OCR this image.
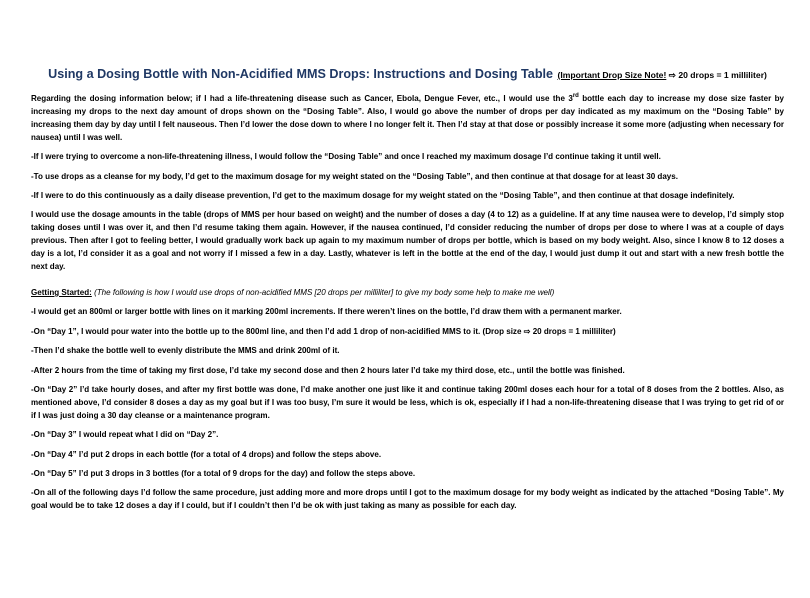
Using a Dosing Bottle with Non-Acidified MMS Drops: Instructions and Dosing Table (Important Drop Size Note! ⇨ 20 drops = 1 milliliter)

Regarding the dosing information below; if I had a life-threatening disease such as Cancer, Ebola, Dengue Fever, etc., I would use the 3rd bottle each day to increase my dose size faster by increasing my drops to the next day amount of drops shown on the “Dosing Table”. Also, I would go above the number of drops per day indicated as my maximum on the “Dosing Table” by increasing them day by day until I felt nauseous. Then I’d lower the dose down to where I no longer felt it. Then I’d stay at that dose or possibly increase it some more (adjusting when necessary for nausea) until I was well.

-If I were trying to overcome a non-life-threatening illness, I would follow the “Dosing Table” and once I reached my maximum dosage I’d continue taking it until well.

-To use drops as a cleanse for my body, I’d get to the maximum dosage for my weight stated on the “Dosing Table”, and then continue at that dosage for at least 30 days.

-If I were to do this continuously as a daily disease prevention, I’d get to the maximum dosage for my weight stated on the “Dosing Table”, and then continue at that dosage indefinitely.

I would use the dosage amounts in the table (drops of MMS per hour based on weight) and the number of doses a day (4 to 12) as a guideline. If at any time nausea were to develop, I’d simply stop taking doses until I was over it, and then I’d resume taking them again. However, if the nausea continued, I’d consider reducing the number of drops per dose to where I was at a couple of days previous. Then after I got to feeling better, I would gradually work back up again to my maximum number of drops per bottle, which is based on my body weight. Also, since I know 8 to 12 doses a day is a lot, I’d consider it as a goal and not worry if I missed a few in a day. Lastly, whatever is left in the bottle at the end of the day, I would just dump it out and start with a new fresh bottle the next day.

Getting Started: (The following is how I would use drops of non-acidified MMS [20 drops per milliliter] to give my body some help to make me well)

-I would get an 800ml or larger bottle with lines on it marking 200ml increments. If there weren’t lines on the bottle, I’d draw them with a permanent marker.

-On “Day 1”, I would pour water into the bottle up to the 800ml line, and then I’d add 1 drop of non-acidified MMS to it. (Drop size ⇨ 20 drops = 1 milliliter)

-Then I’d shake the bottle well to evenly distribute the MMS and drink 200ml of it.

-After 2 hours from the time of taking my first dose, I’d take my second dose and then 2 hours later I’d take my third dose, etc., until the bottle was finished.

-On “Day 2” I’d take hourly doses, and after my first bottle was done, I’d make another one just like it and continue taking 200ml doses each hour for a total of 8 doses from the 2 bottles. Also, as mentioned above, I’d consider 8 doses a day as my goal but if I was too busy, I’m sure it would be less, which is ok, especially if I had a non-life-threatening disease that I was trying to get rid of or if I was just doing a 30 day cleanse or a maintenance program.

-On “Day 3” I would repeat what I did on “Day 2”.

-On “Day 4” I’d put 2 drops in each bottle (for a total of 4 drops) and follow the steps above.

-On “Day 5” I’d put 3 drops in 3 bottles (for a total of 9 drops for the day) and follow the steps above.

-On all of the following days I’d follow the same procedure, just adding more and more drops until I got to the maximum dosage for my body weight as indicated by the attached “Dosing Table”. My goal would be to take 12 doses a day if I could, but if I couldn’t then I’d be ok with just taking as many as possible for each day.
